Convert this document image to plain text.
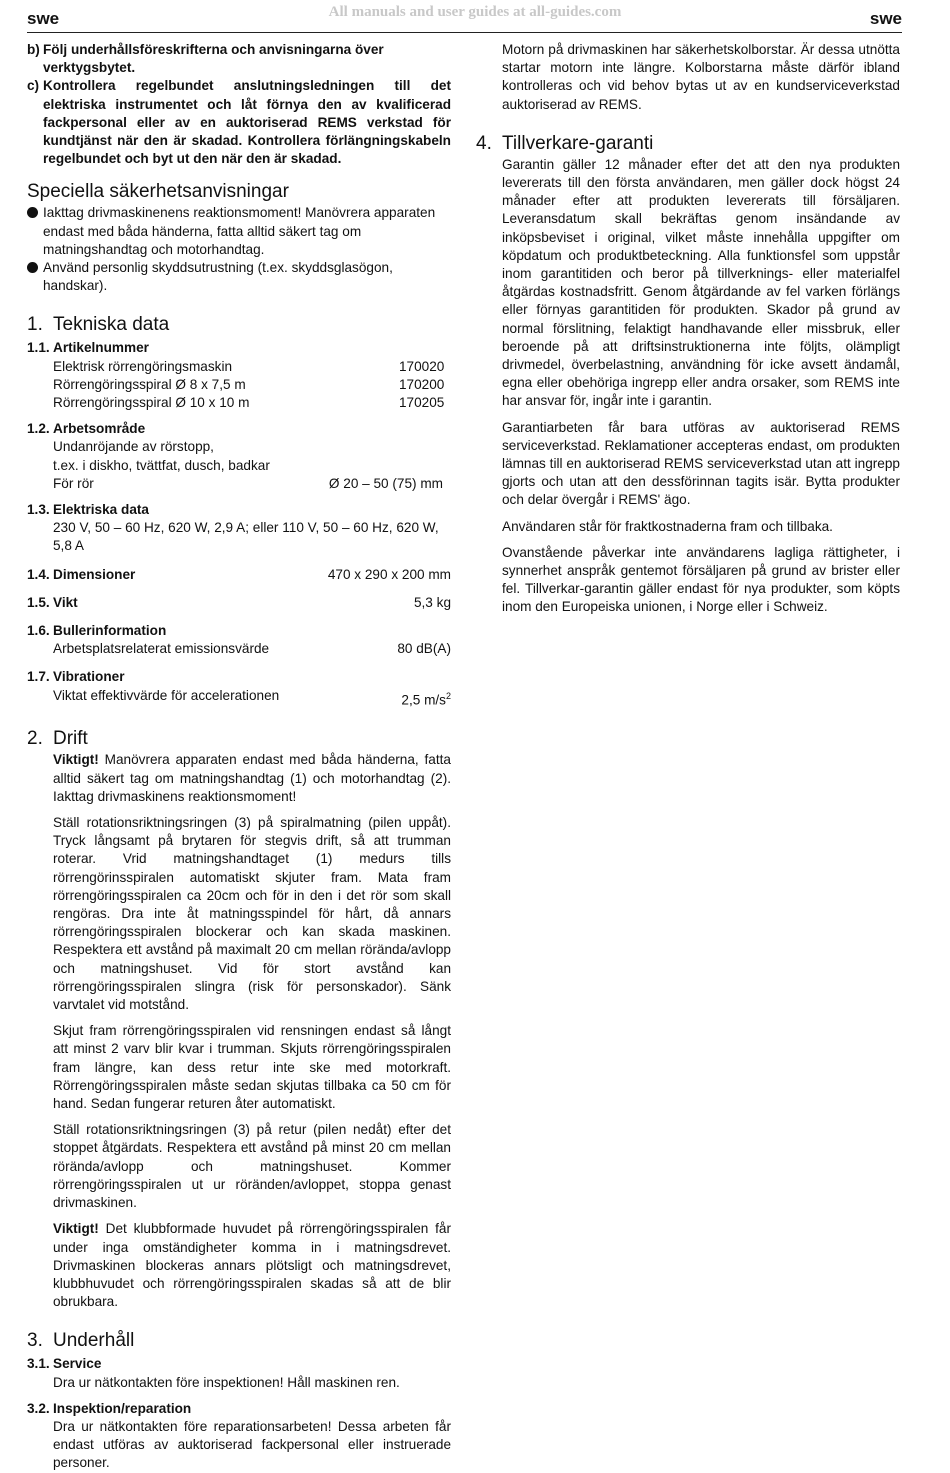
All manuals and user guides at all-guides.com
swe	swe
b) Följ underhållsföreskrifterna och anvisningarna över verktygsbytet.
c) Kontrollera regelbundet anslutningsledningen till det elektriska instrumentet och låt förnya den av kvalificerad fackpersonal eller av en auktoriserad REMS verkstad för kundtjänst när den är skadad. Kontrollera förlängningskabeln regelbundet och byt ut den när den är skadad.
Speciella säkerhetsanvisningar
Iakttag drivmaskinenens reaktionsmoment! Manövrera apparaten endast med båda händerna, fatta alltid säkert tag om matningshandtag och motorhandtag.
Använd personlig skyddsutrustning (t.ex. skyddsglasögon, handskar).
1. Tekniska data
1.1. Artikelnummer
Elektrisk rörrengöringsmaskin	170020
Rörrengöringsspiral Ø 8 x 7,5 m	170200
Rörrengöringsspiral Ø 10 x 10 m	170205
1.2. Arbetsområde

Undanröjande av rörstopp,

t.ex. i diskho, tvättfat, dusch, badkar

För rör	Ø 20 – 50 (75) mm
1.3. Elektriska data

230 V, 50 – 60 Hz, 620 W, 2,9 A; eller 110 V, 50 – 60 Hz, 620 W, 5,8 A

1.4. Dimensioner	470 x 290 x 200 mm
1.5. Vikt	5,3 kg
1.6. Bullerinformation
Arbetsplatsrelaterat emissionsvärde	80 dB(A)
1.7. Vibrationer
Viktat effektivvärde för accelerationen	2,5 $m/s^2$
2. Drift

Viktigt! Manövrera apparaten endast med båda händerna, fatta alltid säkert tag om matningshandtag (1) och motorhandtag (2). Iakttag drivmaskinens reaktionsmoment!

Ställ rotationsriktningsringen (3) på spiralmatning (pilen uppåt). Tryck långsamt på brytaren för stegvis drift, så att trumman roterar. Vrid matningshandtaget (1) medurs tills rörrengörinsspiralen automatiskt skjuter fram. Mata fram rörrengöringsspiralen ca 20cm och för in den i det rör som skall rengöras. Dra inte åt matningsspindel för hårt, då annars rörrengöringsspiralen blockerar och kan skada maskinen. Respektera ett avstånd på maximalt 20 cm mellan rörända/avlopp och matningshuset. Vid för stort avstånd kan rörrengöringsspiralen slingra (risk för personskador). Sänk varvtalet vid motstånd.

Skjut fram rörrengöringsspiralen vid rensningen endast så långt att minst 2 varv blir kvar i trumman. Skjuts rörrengöringsspiralen fram längre, kan dess retur inte ske med motorkraft. Rörrengöringsspiralen måste sedan skjutas tillbaka ca 50 cm för hand. Sedan fungerar returen åter automatiskt.

Ställ rotationsriktningsringen (3) på retur (pilen nedåt) efter det stoppet åtgärdats. Respektera ett avstånd på minst 20 cm mellan rörända/avlopp och matningshuset. Kommer rörrengöringsspiralen ut ur röränden/avloppet, stoppa genast drivmaskinen.

Viktigt! Det klubbformade huvudet på rörrengöringsspiralen får under inga omständigheter komma in i matningsdrevet. Drivmaskinen blockeras annars plötsligt och matningsdrevet, klubbhuvudet och rörrengöringsspiralen skadas så att de blir obrukbara.

3. Underhåll
3.1. Service

Dra ur nätkontakten före inspektionen! Håll maskinen ren.

3.2. Inspektion/reparation

Dra ur nätkontakten före reparationsarbeten! Dessa arbeten får endast utföras av auktoriserad fackpersonal eller instruerade personer.

Motorn på drivmaskinen har säkerhetskolborstar. Är dessa utnötta startar motorn inte längre. Kolborstarna måste därför ibland kontrolleras och vid behov bytas ut av en kundserviceverkstad auktoriserad av REMS.

4. Tillverkare-garanti

Garantin gäller 12 månader efter det att den nya produkten levererats till den första användaren, men gäller dock högst 24 månader efter att produkten levererats till försäljaren. Leveransdatum skall bekräftas genom insändande av inköpsbeviset i original, vilket måste innehålla uppgifter om köpdatum och produktbeteckning. Alla funktionsfel som uppstår inom garantitiden och beror på tillverknings- eller materialfel åtgärdas kostnadsfritt. Genom åtgärdande av fel varken förlängs eller förnyas garantitiden för produkten. Skador på grund av normal förslitning, felaktigt handhavande eller missbruk, eller beroende på att driftsinstruktionerna inte följts, olämpligt drivmedel, överbelastning, användning för icke avsett ändamål, egna eller obehöriga ingrepp eller andra orsaker, som REMS inte har ansvar för, ingår inte i garantin.

Garantiarbeten får bara utföras av auktoriserad REMS serviceverkstad. Reklamationer accepteras endast, om produkten lämnas till en auktoriserad REMS serviceverkstad utan att ingrepp gjorts och utan att den dessförinnan tagits isär. Bytta produkter och delar övergår i REMS' ägo.

Användaren står för fraktkostnaderna fram och tillbaka.

Ovanstående påverkar inte användarens lagliga rättigheter, i synnerhet anspråk gentemot försäljaren på grund av brister eller fel. Tillverkar-garantin gäller endast för nya produkter, som köpts inom den Europeiska unionen, i Norge eller i Schweiz.
